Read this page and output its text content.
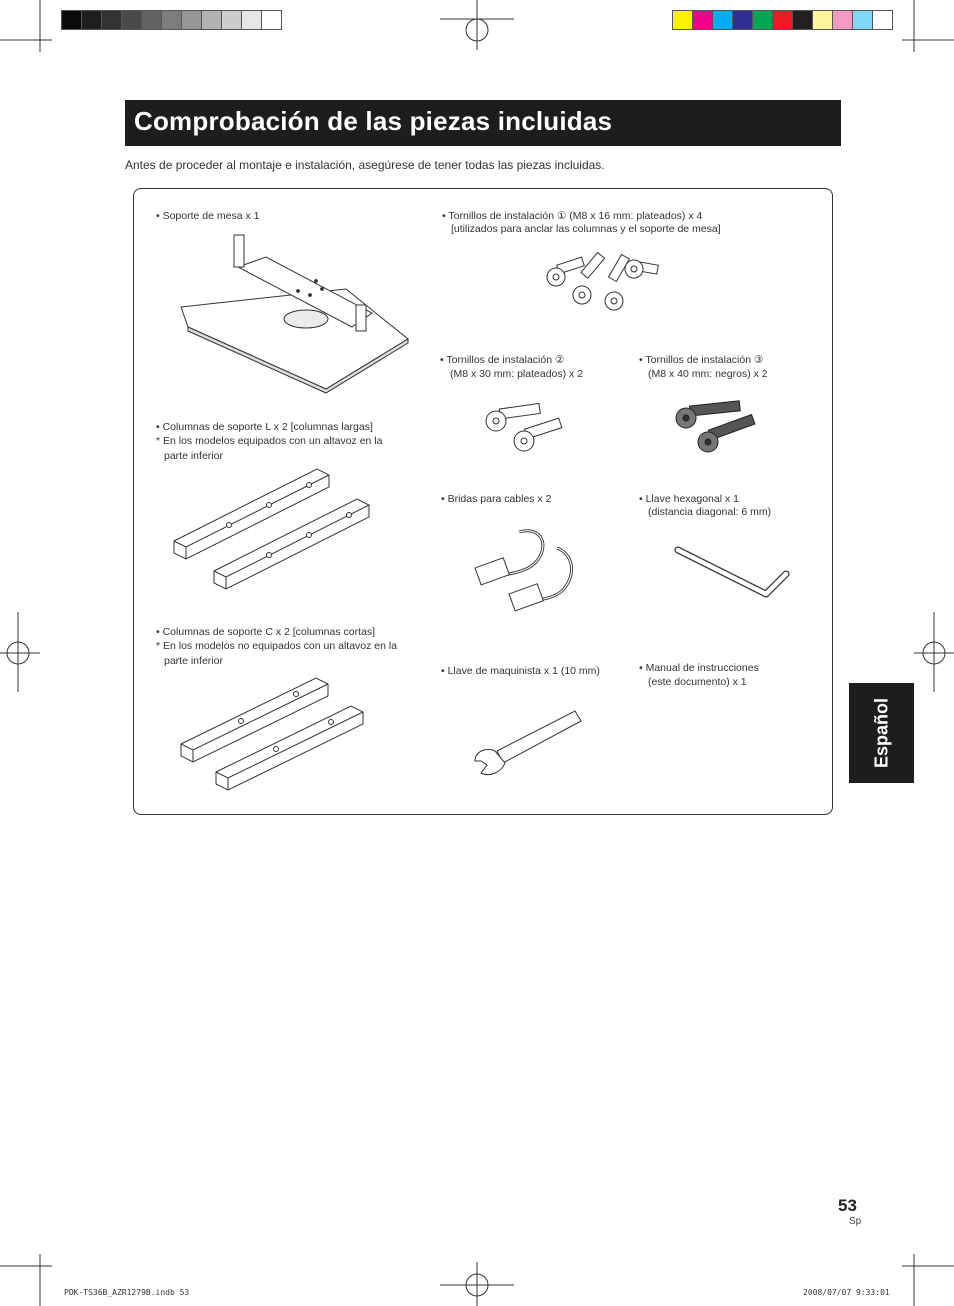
Comprobación de las piezas incluidas
Antes de proceder al montaje e instalación, asegúrese de tener todas las piezas incluidas.
• Soporte de mesa x 1
• Columnas de soporte L x 2 [columnas largas]
* En los modelos equipados con un altavoz en la
parte inferior
• Columnas de soporte C x 2 [columnas cortas]
* En los modelos no equipados con un altavoz en la
parte inferior
• Tornillos de instalación ① (M8 x 16 mm: plateados) x 4
[utilizados para anclar las columnas y el soporte de mesa]
• Tornillos de instalación ②
(M8 x 30 mm: plateados) x 2
• Tornillos de instalación ③
(M8 x 40 mm: negros) x 2
• Bridas para cables x 2	• Llave hexagonal x 1
(distancia diagonal: 6 mm)
• Llave de maquinista x 1 (10 mm)	• Manual de instrucciones
(este documento) x 1
Español
53
Sp
PDK-TS36B_AZR1279B.indb 53	2008/07/07 9:33:01
